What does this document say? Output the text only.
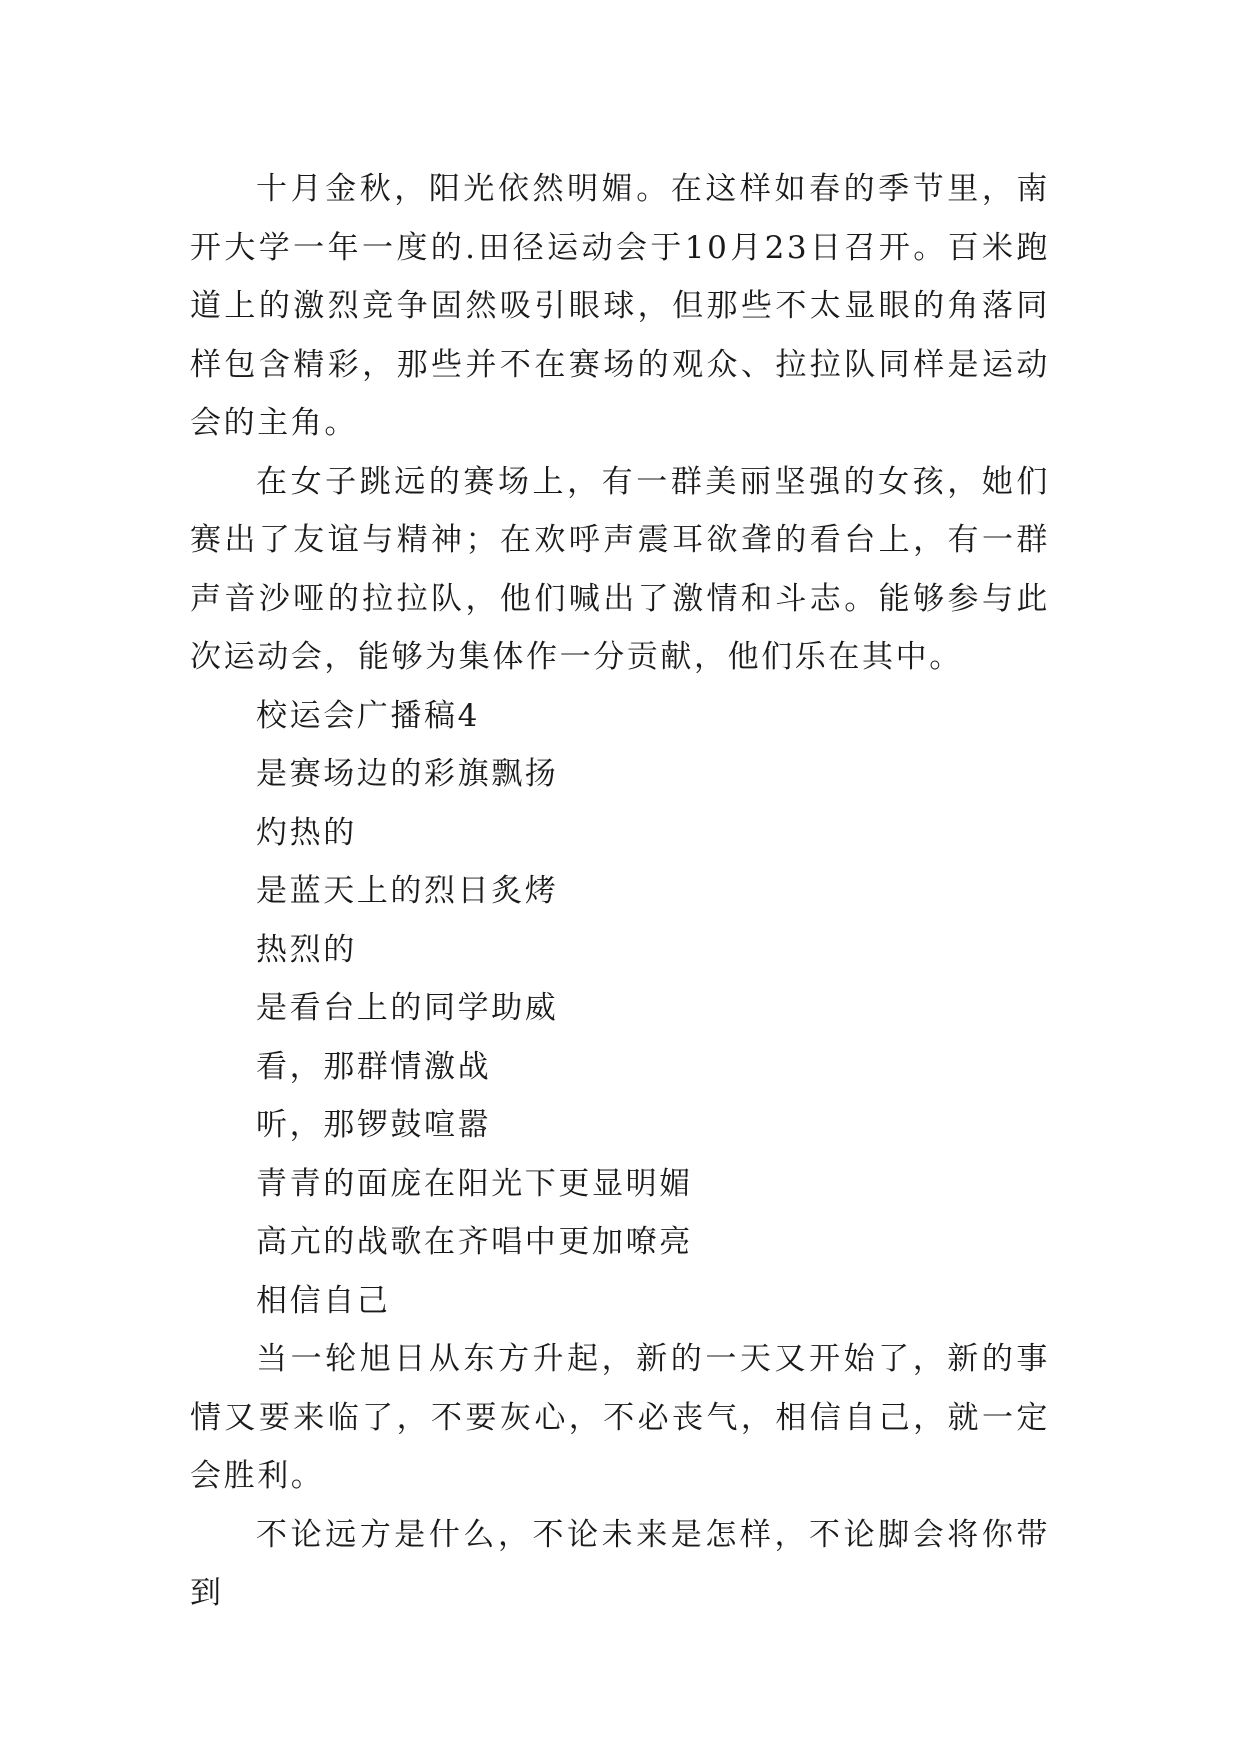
十月金秋，阳光依然明媚。在这样如春的季节里，南开大学一年一度的.田径运动会于10月23日召开。百米跑道上的激烈竞争固然吸引眼球，但那些不太显眼的角落同样包含精彩，那些并不在赛场的观众、拉拉队同样是运动会的主角。

在女子跳远的赛场上，有一群美丽坚强的女孩，她们赛出了友谊与精神；在欢呼声震耳欲聋的看台上，有一群声音沙哑的拉拉队，他们喊出了激情和斗志。能够参与此次运动会，能够为集体作一分贡献，他们乐在其中。

校运会广播稿4

是赛场边的彩旗飘扬

灼热的

是蓝天上的烈日炙烤

热烈的

是看台上的同学助威

看，那群情激战

听，那锣鼓喧嚣

青青的面庞在阳光下更显明媚

高亢的战歌在齐唱中更加嘹亮

相信自己

当一轮旭日从东方升起，新的一天又开始了，新的事情又要来临了，不要灰心，不必丧气，相信自己，就一定会胜利。

不论远方是什么，不论未来是怎样，不论脚会将你带到
